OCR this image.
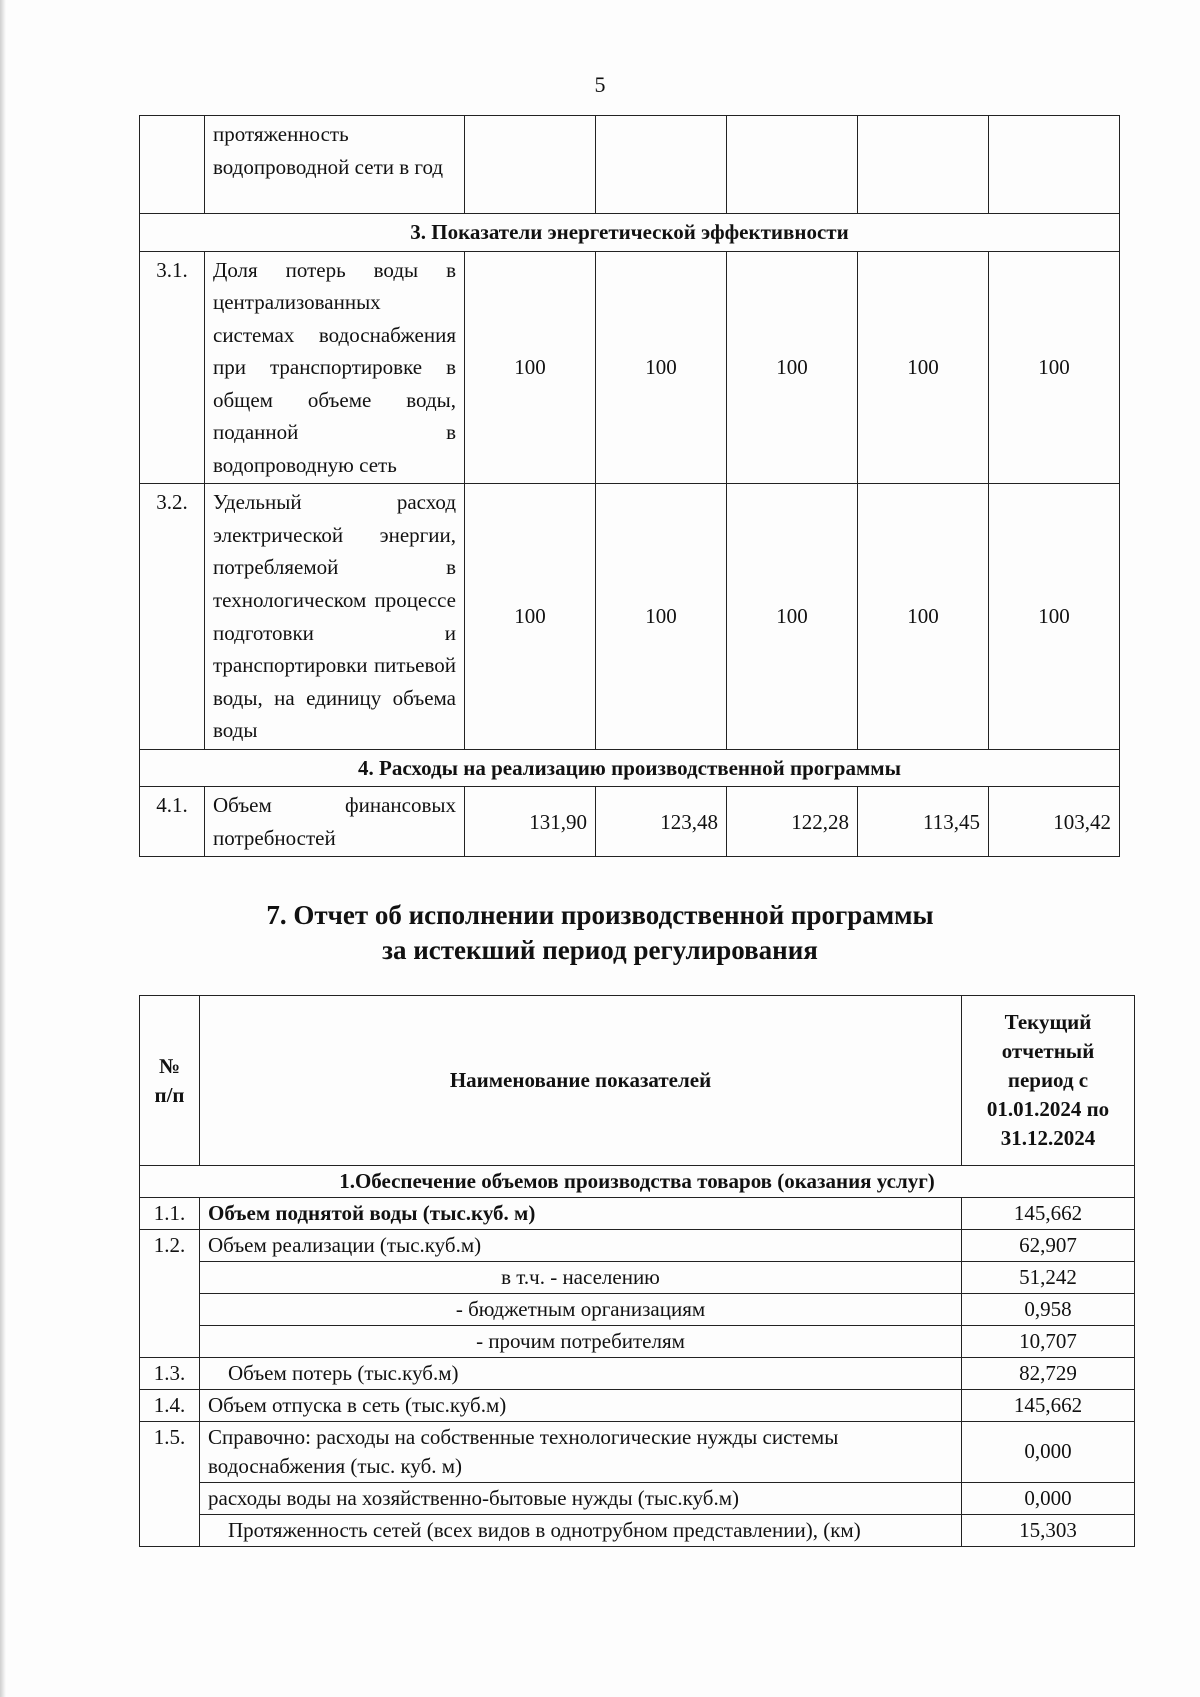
5
	протяженность водопроводной сети в год					
3. Показатели энергетической эффективности						
3.1.	Доля потерь воды в централизованных системах водоснабжения при транспортировке в общем объеме воды, поданной в водопроводную сеть	100	100	100	100	100
3.2.	Удельный расход электрической энергии, потребляемой в технологическом процессе подготовки и транспортировки питьевой воды, на единицу объема воды	100	100	100	100	100
4. Расходы на реализацию производственной программы						
4.1.	Объем финансовых потребностей	131,90	123,48	122,28	113,45	103,42
7. Отчет об исполнении производственной программы
за истекший период регулирования
№ п/п	Наименование показателей	Текущий отчетный период с 01.01.2024 по 31.12.2024
1.Обеспечение объемов производства товаров (оказания услуг)		
1.1.	Объем поднятой воды (тыс.куб. м)	145,662
1.2.	Объем реализации (тыс.куб.м)	62,907
	в т.ч. - населению	51,242
	- бюджетным организациям	0,958
	- прочим потребителям	10,707
1.3.	Объем потерь (тыс.куб.м)	82,729
1.4.	Объем отпуска в сеть (тыс.куб.м)	145,662
1.5.	Справочно: расходы на собственные технологические нужды системы водоснабжения (тыс. куб. м)	0,000
	расходы воды на хозяйственно-бытовые нужды (тыс.куб.м)	0,000
	Протяженность сетей (всех видов в однотрубном представлении), (км)	15,303
